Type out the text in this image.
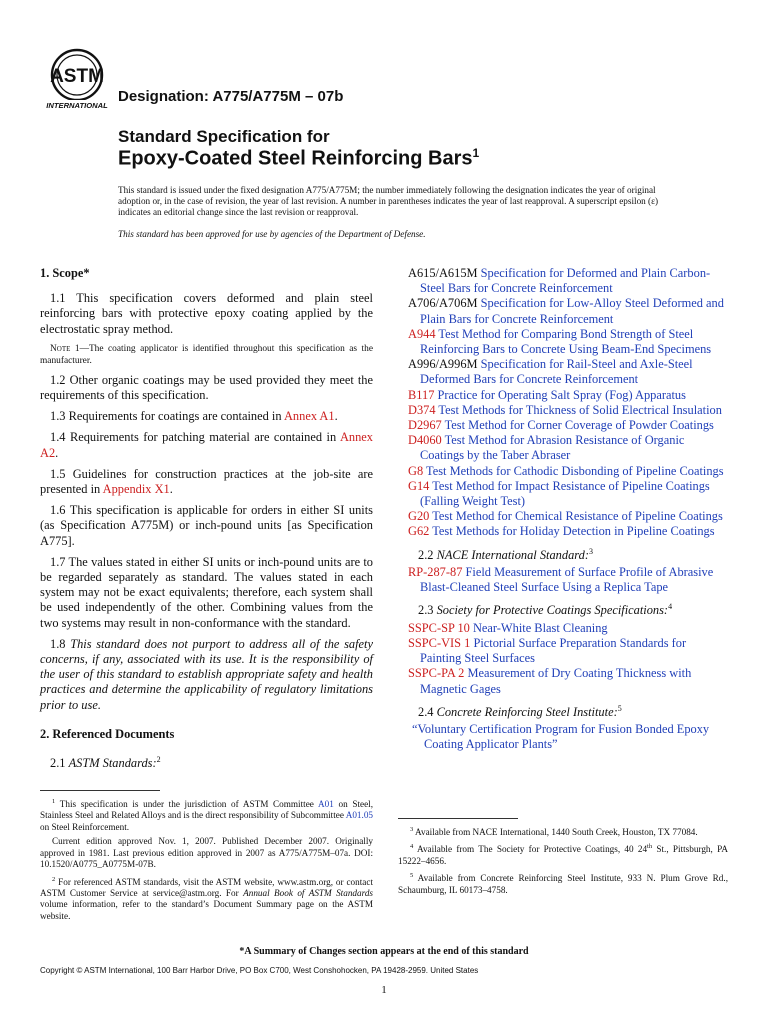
ASTM
INTERNATIONAL
Designation: A775/A775M – 07b
Standard Specification for
Epoxy-Coated Steel Reinforcing Bars$^1$
This standard is issued under the fixed designation A775/A775M; the number immediately following the designation indicates the year of original adoption or, in the case of revision, the year of last revision. A number in parentheses indicates the year of last reapproval. A superscript epsilon (ε) indicates an editorial change since the last revision or reapproval.
This standard has been approved for use by agencies of the Department of Defense.

1. Scope*

1.1 This specification covers deformed and plain steel reinforcing bars with protective epoxy coating applied by the electrostatic spray method.

Note 1—The coating applicator is identified throughout this specification as the manufacturer.

1.2 Other organic coatings may be used provided they meet the requirements of this specification.

1.3 Requirements for coatings are contained in Annex A1.

1.4 Requirements for patching material are contained in Annex A2.

1.5 Guidelines for construction practices at the job-site are presented in Appendix X1.

1.6 This specification is applicable for orders in either SI units (as Specification A775M) or inch-pound units [as Specification A775].

1.7 The values stated in either SI units or inch-pound units are to be regarded separately as standard. The values stated in each system may not be exact equivalents; therefore, each system shall be used independently of the other. Combining values from the two systems may result in non-conformance with the standard.

1.8 This standard does not purport to address all of the safety concerns, if any, associated with its use. It is the responsibility of the user of this standard to establish appropriate safety and health practices and determine the applicability of regulatory limitations prior to use.

2. Referenced Documents

2.1 ASTM Standards:$^2$

A615/A615M Specification for Deformed and Plain Carbon-Steel Bars for Concrete Reinforcement

A706/A706M Specification for Low-Alloy Steel Deformed and Plain Bars for Concrete Reinforcement

A944 Test Method for Comparing Bond Strength of Steel Reinforcing Bars to Concrete Using Beam-End Specimens

A996/A996M Specification for Rail-Steel and Axle-Steel Deformed Bars for Concrete Reinforcement

B117 Practice for Operating Salt Spray (Fog) Apparatus

D374 Test Methods for Thickness of Solid Electrical Insulation

D2967 Test Method for Corner Coverage of Powder Coatings

D4060 Test Method for Abrasion Resistance of Organic Coatings by the Taber Abraser

G8 Test Methods for Cathodic Disbonding of Pipeline Coatings

G14 Test Method for Impact Resistance of Pipeline Coatings (Falling Weight Test)

G20 Test Method for Chemical Resistance of Pipeline Coatings

G62 Test Methods for Holiday Detection in Pipeline Coatings

2.2 NACE International Standard:$^3$

RP-287-87 Field Measurement of Surface Profile of Abrasive Blast-Cleaned Steel Surface Using a Replica Tape

2.3 Society for Protective Coatings Specifications:$^4$

SSPC-SP 10 Near-White Blast Cleaning

SSPC-VIS 1 Pictorial Surface Preparation Standards for Painting Steel Surfaces

SSPC-PA 2 Measurement of Dry Coating Thickness with Magnetic Gages

2.4 Concrete Reinforcing Steel Institute:$^5$

“Voluntary Certification Program for Fusion Bonded Epoxy Coating Applicator Plants”

$^1$ This specification is under the jurisdiction of ASTM Committee A01 on Steel, Stainless Steel and Related Alloys and is the direct responsibility of Subcommittee A01.05 on Steel Reinforcement.

Current edition approved Nov. 1, 2007. Published December 2007. Originally approved in 1981. Last previous edition approved in 2007 as A775/A775M–07a. DOI: 10.1520/A0775_A0775M-07B.

$^2$ For referenced ASTM standards, visit the ASTM website, www.astm.org, or contact ASTM Customer Service at service@astm.org. For Annual Book of ASTM Standards volume information, refer to the standard’s Document Summary page on the ASTM website.

$^3$ Available from NACE International, 1440 South Creek, Houston, TX 77084.

$^4$ Available from The Society for Protective Coatings, 40 24th St., Pittsburgh, PA 15222–4656.

$^5$ Available from Concrete Reinforcing Steel Institute, 933 N. Plum Grove Rd., Schaumburg, IL 60173–4758.

*A Summary of Changes section appears at the end of this standard
Copyright © ASTM International, 100 Barr Harbor Drive, PO Box C700, West Conshohocken, PA 19428-2959. United States
1
